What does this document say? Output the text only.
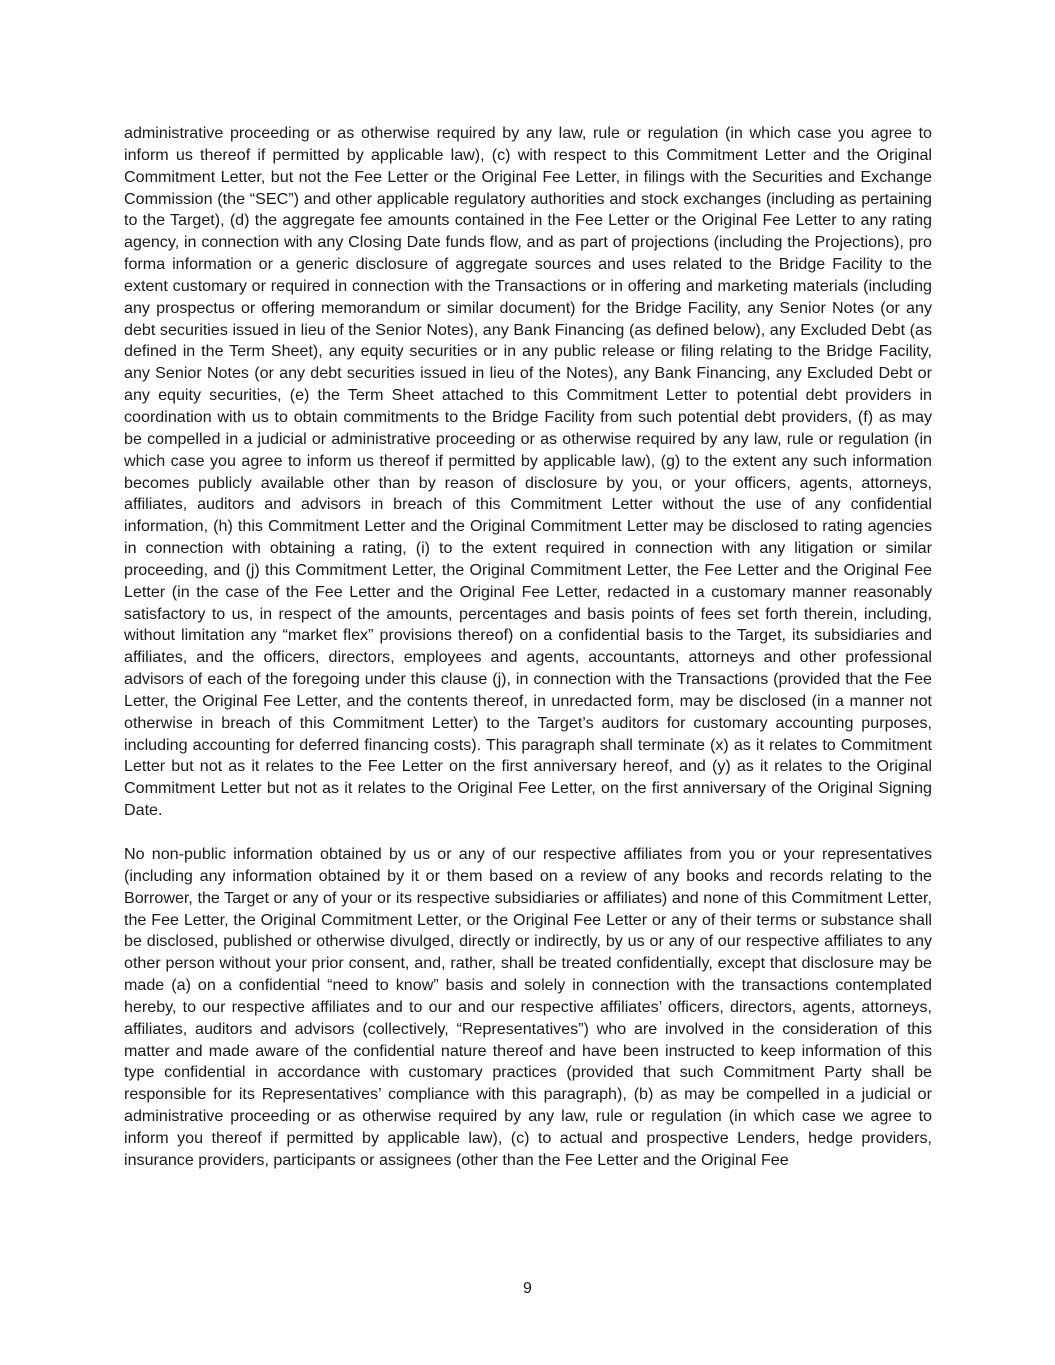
administrative proceeding or as otherwise required by any law, rule or regulation (in which case you agree to inform us thereof if permitted by applicable law), (c) with respect to this Commitment Letter and the Original Commitment Letter, but not the Fee Letter or the Original Fee Letter, in filings with the Securities and Exchange Commission (the “SEC”) and other applicable regulatory authorities and stock exchanges (including as pertaining to the Target), (d) the aggregate fee amounts contained in the Fee Letter or the Original Fee Letter to any rating agency, in connection with any Closing Date funds flow, and as part of projections (including the Projections), pro forma information or a generic disclosure of aggregate sources and uses related to the Bridge Facility to the extent customary or required in connection with the Transactions or in offering and marketing materials (including any prospectus or offering memorandum or similar document) for the Bridge Facility, any Senior Notes (or any debt securities issued in lieu of the Senior Notes), any Bank Financing (as defined below), any Excluded Debt (as defined in the Term Sheet), any equity securities or in any public release or filing relating to the Bridge Facility, any Senior Notes (or any debt securities issued in lieu of the Notes), any Bank Financing, any Excluded Debt or any equity securities, (e) the Term Sheet attached to this Commitment Letter to potential debt providers in coordination with us to obtain commitments to the Bridge Facility from such potential debt providers, (f) as may be compelled in a judicial or administrative proceeding or as otherwise required by any law, rule or regulation (in which case you agree to inform us thereof if permitted by applicable law), (g) to the extent any such information becomes publicly available other than by reason of disclosure by you, or your officers, agents, attorneys, affiliates, auditors and advisors in breach of this Commitment Letter without the use of any confidential information, (h) this Commitment Letter and the Original Commitment Letter may be disclosed to rating agencies in connection with obtaining a rating, (i) to the extent required in connection with any litigation or similar proceeding, and (j) this Commitment Letter, the Original Commitment Letter, the Fee Letter and the Original Fee Letter (in the case of the Fee Letter and the Original Fee Letter, redacted in a customary manner reasonably satisfactory to us, in respect of the amounts, percentages and basis points of fees set forth therein, including, without limitation any “market flex” provisions thereof) on a confidential basis to the Target, its subsidiaries and affiliates, and the officers, directors, employees and agents, accountants, attorneys and other professional advisors of each of the foregoing under this clause (j), in connection with the Transactions (provided that the Fee Letter, the Original Fee Letter, and the contents thereof, in unredacted form, may be disclosed (in a manner not otherwise in breach of this Commitment Letter) to the Target’s auditors for customary accounting purposes, including accounting for deferred financing costs). This paragraph shall terminate (x) as it relates to Commitment Letter but not as it relates to the Fee Letter on the first anniversary hereof, and (y) as it relates to the Original Commitment Letter but not as it relates to the Original Fee Letter, on the first anniversary of the Original Signing Date.

No non-public information obtained by us or any of our respective affiliates from you or your representatives (including any information obtained by it or them based on a review of any books and records relating to the Borrower, the Target or any of your or its respective subsidiaries or affiliates) and none of this Commitment Letter, the Fee Letter, the Original Commitment Letter, or the Original Fee Letter or any of their terms or substance shall be disclosed, published or otherwise divulged, directly or indirectly, by us or any of our respective affiliates to any other person without your prior consent, and, rather, shall be treated confidentially, except that disclosure may be made (a) on a confidential “need to know” basis and solely in connection with the transactions contemplated hereby, to our respective affiliates and to our and our respective affiliates’ officers, directors, agents, attorneys, affiliates, auditors and advisors (collectively, “Representatives”) who are involved in the consideration of this matter and made aware of the confidential nature thereof and have been instructed to keep information of this type confidential in accordance with customary practices (provided that such Commitment Party shall be responsible for its Representatives’ compliance with this paragraph), (b) as may be compelled in a judicial or administrative proceeding or as otherwise required by any law, rule or regulation (in which case we agree to inform you thereof if permitted by applicable law), (c) to actual and prospective Lenders, hedge providers, insurance providers, participants or assignees (other than the Fee Letter and the Original Fee

9
